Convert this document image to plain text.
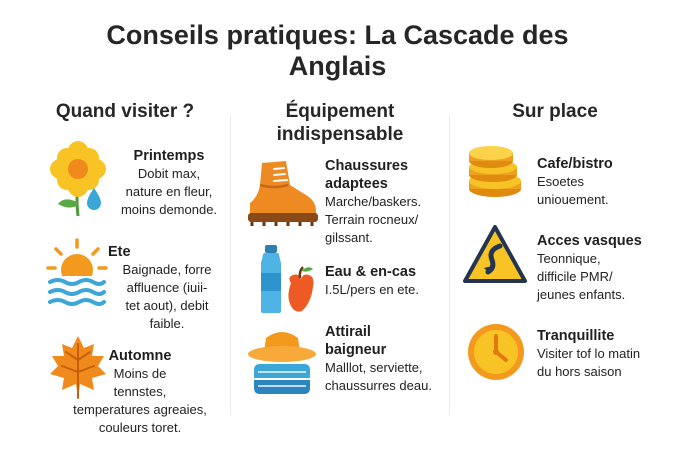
Conseils pratiques: La Cascade des
Anglais
Quand visiter ?	Équipement
indispensable
Sur place
Printemps
Dobit max,
nature en fleur,
moins demonde.
Ete
Baignade, forre
affluence (iuii-
tet aout), debit
faible.
Automne
Moins de
tennstes,
temperatures agreaies,
couleurs toret.
Chaussures
adaptees
Marche/baskers.
Terrain rocneux/
gilssant.
Eau & en-cas
I.5L/pers en ete.
Attirail
baigneur
Malllot, serviette,
chaussurres deau.
Cafe/bistro
Esoetes
uniouement.
Acces vasques
Teonnique,
difficile PMR/
jeunes enfants.
Tranquillite
Visiter tof lo matin
du hors saison
